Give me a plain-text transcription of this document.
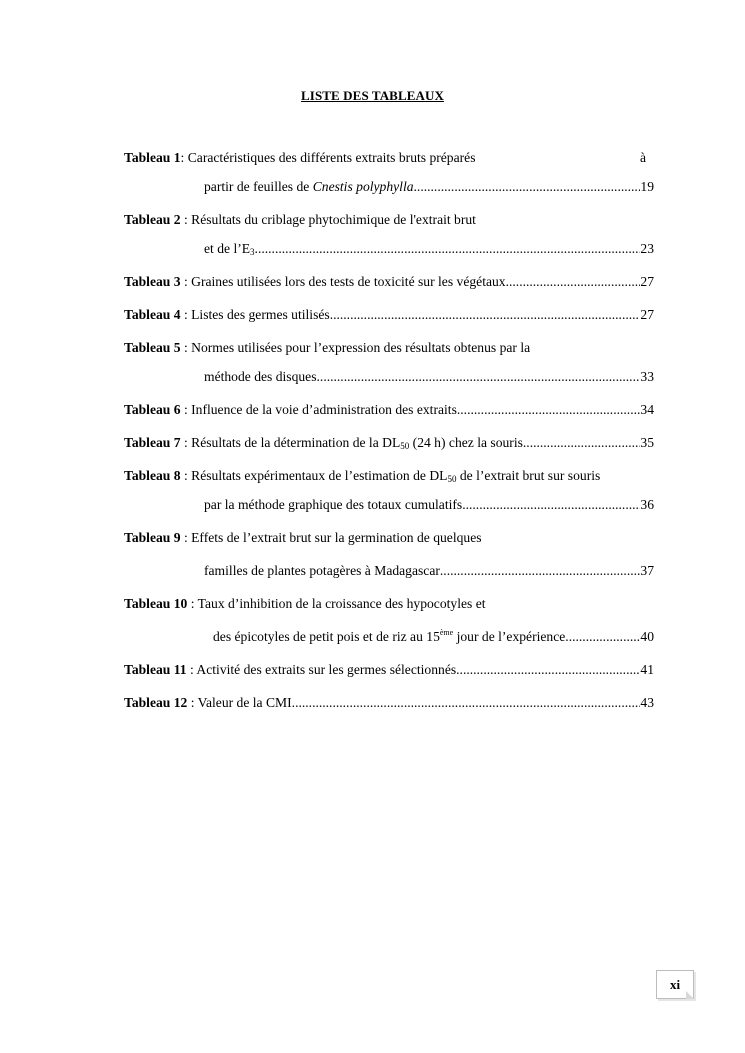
LISTE DES TABLEAUX
Tableau 1: Caractéristiques des différents extraits bruts préparés	à
partir de feuilles de Cnestis polyphylla .....	19
Tableau 2 : Résultats du criblage phytochimique de l'extrait brut
et de $l’E_3$ .....	23
Tableau 3 : Graines utilisées lors des tests de toxicité sur les végétaux .....	27
Tableau 4 : Listes des germes utilisés .....	27
Tableau 5 : Normes utilisées pour l’expression des résultats obtenus par la
méthode des disques .....	33
Tableau 6 : Influence de la voie d’administration des extraits .....	34
Tableau 7 : Résultats de la détermination de la $DL_{50}$ (24 h) chez la souris .....	35
Tableau 8 : Résultats expérimentaux de l’estimation de $DL_{50}$ de l’extrait brut sur souris
par la méthode graphique des totaux cumulatifs .....	36
Tableau 9 : Effets de l’extrait brut sur la germination de quelques
familles de plantes potagères à Madagascar .....	37
Tableau 10 : Taux d’inhibition de la croissance des hypocotyles et
des épicotyles de petit pois et de riz au 15ème jour de l’expérience .....	40
Tableau 11 : Activité des extraits sur les germes sélectionnés .....	41
Tableau 12 : Valeur de la CMI .....	43
xi
